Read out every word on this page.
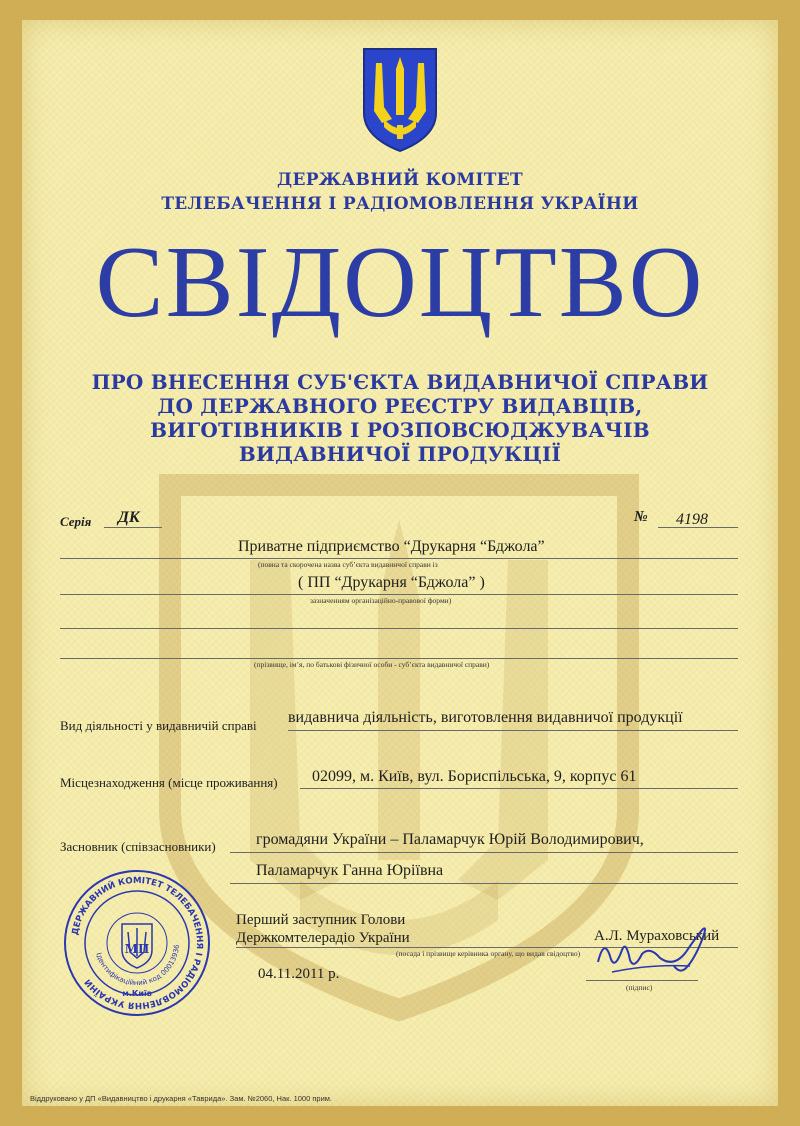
ДЕРЖАВНИЙ КОМІТЕТ
ТЕЛЕБАЧЕННЯ І РАДІОМОВЛЕННЯ УКРАЇНИ
СВІДОЦТВО
ПРО ВНЕСЕННЯ СУБ'ЄКТА ВИДАВНИЧОЇ СПРАВИ
ДО ДЕРЖАВНОГО РЕЄСТРУ ВИДАВЦІВ,
ВИГОТІВНИКІВ І РОЗПОВСЮДЖУВАЧІВ
ВИДАВНИЧОЇ ПРОДУКЦІЇ
Серія ДК	№ 4198
Приватне підприємство “Друкарня “Бджола”
(повна та скорочена назва суб’єкта видавничої справи із
( ПП “Друкарня “Бджола” )
зазначенням організаційно-правової форми)
(прізвище, ім’я, по батькові фізичної особи - суб’єкта видавничої справи)
Вид діяльності у видавничій справі видавнича діяльність, виготовлення видавничої продукції
Місцезнаходження (місце проживання) 02099, м. Київ, вул. Бориспільська, 9, корпус 61
Засновник (співзасновники)	громадяни України – Паламарчук Юрій Володимирович,
Паламарчук Ганна Юріївна
Перший заступник Голови
Держкомтелерадіо України	А.Л. Мураховський
(посада і прізвище керівника органу, що видав свідоцтво)
04.11.2011 р.
(підпис)
ДЕРЖАВНИЙ КОМІТЕТ ТЕЛЕБАЧЕННЯ І РАДІОМОВЛЕННЯ УКРАЇНИ
Ідентифікаційний код 00013936
м.Київ
МП
Віддруковано у ДП «Видавництво і друкарня «Таврида». Зам. №2060, Нак. 1000 прим.
